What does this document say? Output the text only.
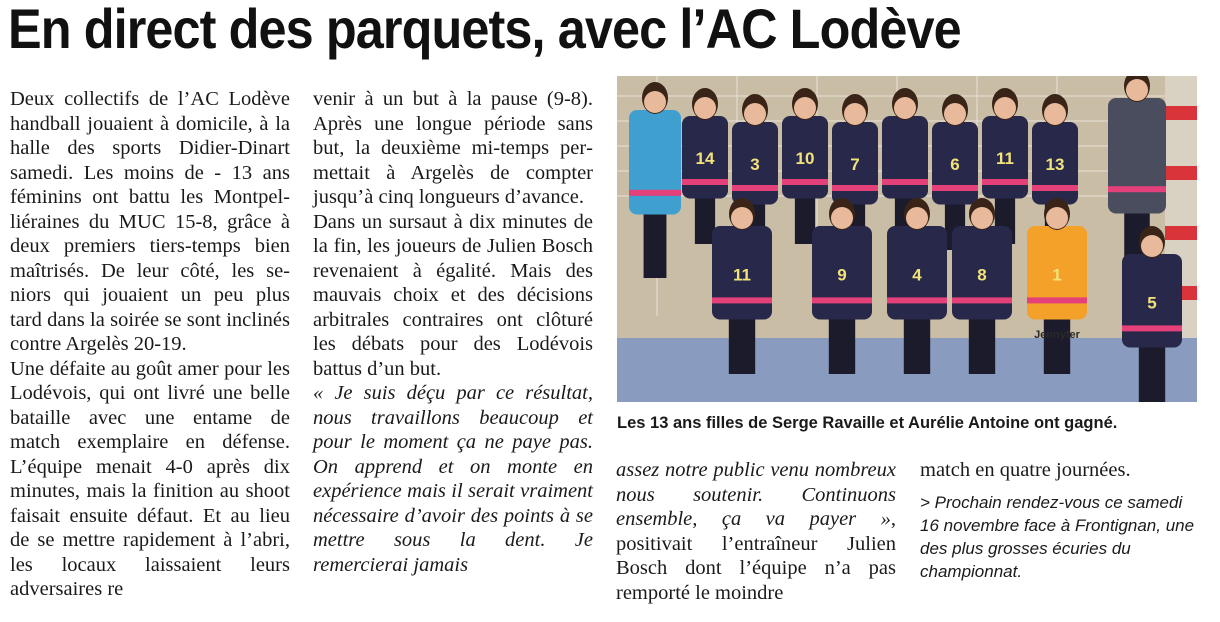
En direct des parquets, avec l’AC Lodève

Deux collectifs de l’AC Lodève handball jouaient à domicile, à la halle des sports Didier-Dinart samedi. Les moins de - 13 ans féminins ont battu les Montpelliéraines du MUC 15-8, grâce à deux premiers tiers-temps bien maîtrisés. De leur côté, les seniors qui jouaient un peu plus tard dans la soirée se sont inclinés contre Argelès 20-19.

Une défaite au goût amer pour les Lodévois, qui ont livré une belle bataille avec une entame de match exemplaire en défense. L’équipe menait 4-0 après dix minutes, mais la finition au shoot faisait ensuite défaut. Et au lieu de se mettre rapidement à l’abri, les locaux laissaient leurs adversaires re

venir à un but à la pause (9-8). Après une longue période sans but, la deuxième mi-temps permettait à Argelès de compter jusqu’à cinq longueurs d’avance.

Dans un sursaut à dix minutes de la fin, les joueurs de Julien Bosch revenaient à égalité. Mais des mauvais choix et des décisions arbitrales contraires ont clôturé les débats pour des Lodévois battus d’un but.

« Je suis déçu par ce résultat, nous travaillons beaucoup et pour le moment ça ne paye pas. On apprend et on monte en expérience mais il serait vraiment nécessaire d’avoir des points à se mettre sous la dent. Je remercierai jamais

assez notre public venu nombreux nous soutenir. Continuons ensemble, ça va payer », positivait l’entraîneur Julien Bosch dont l’équipe n’a pas remporté le moindre

match en quatre journées.

> Prochain rendez-vous ce samedi 16 novembre face à Frontignan, une des plus grosses écuries du championnat.

14 3 10 7	6 11 13
11	9	4	8	1
5
Jennyfer
Les 13 ans filles de Serge Ravaille et Aurélie Antoine ont gagné.
